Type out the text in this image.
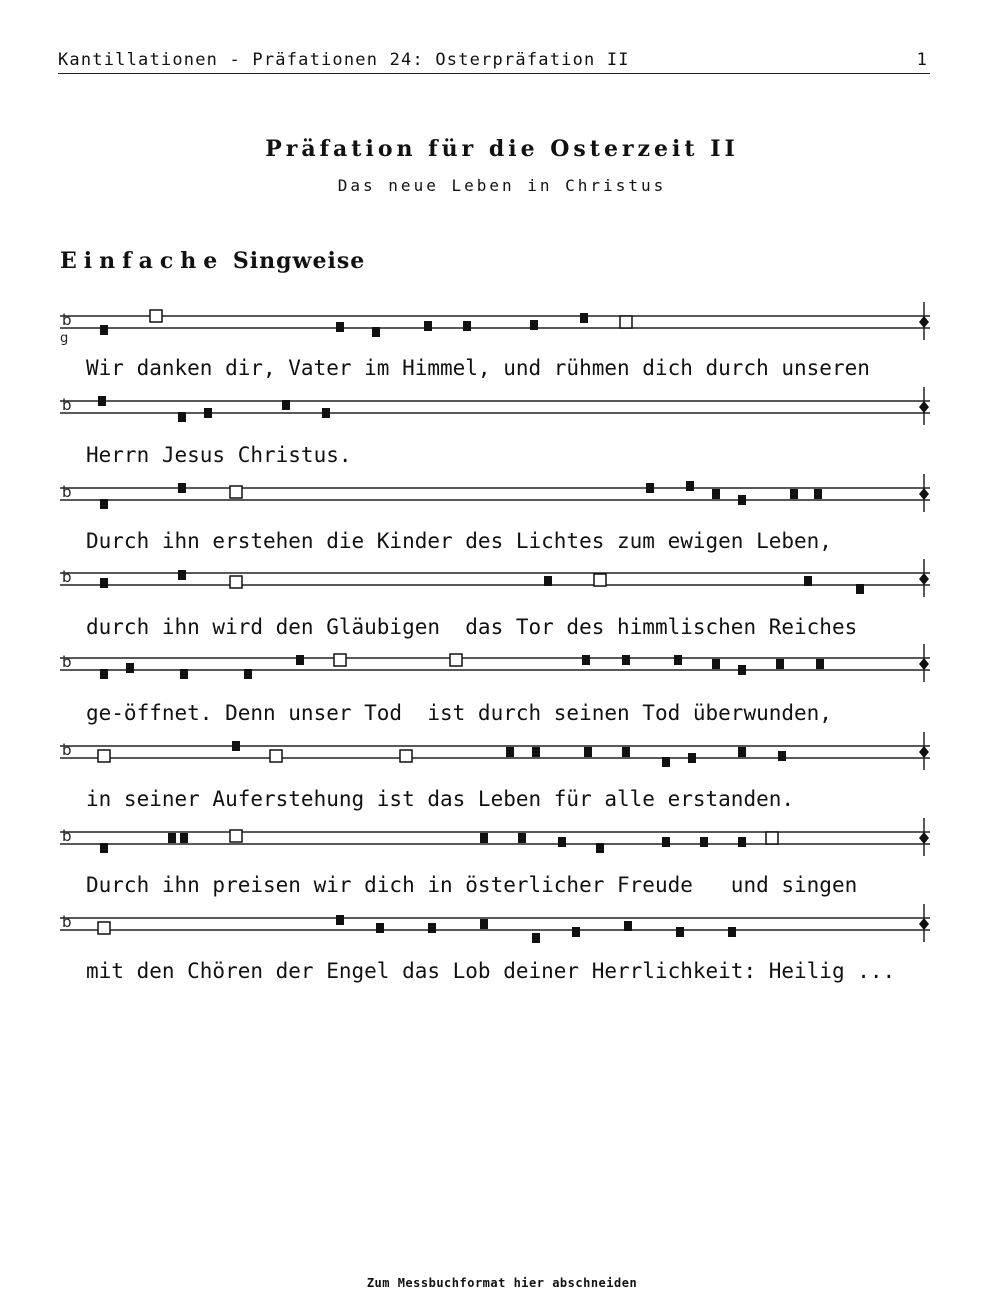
Kantillationen - Präfationen 24: Osterpräfation II	1
Präfation für die Osterzeit II
Das neue Leben in Christus
Einfache Singweise
b
g
b
b
b
b
b
b
b
Wir danken dir, Vater im Himmel, und rühmen dich durch unseren
Herrn Jesus Christus.
Durch ihn erstehen die Kinder des Lichtes zum ewigen Leben,
durch ihn wird den Gläubigen  das Tor des himmlischen Reiches
ge-öffnet. Denn unser Tod  ist durch seinen Tod überwunden,
in seiner Auferstehung ist das Leben für alle erstanden.
Durch ihn preisen wir dich in österlicher Freude   und singen
mit den Chören der Engel das Lob deiner Herrlichkeit: Heilig ...
Zum Messbuchformat hier abschneiden
